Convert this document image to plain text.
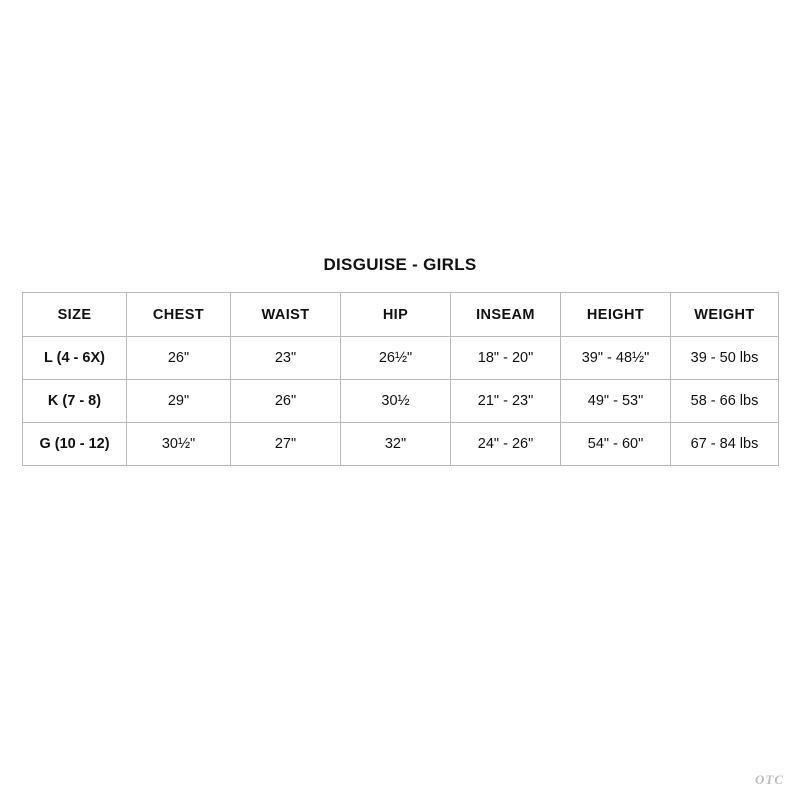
DISGUISE - GIRLS
SIZE	CHEST	WAIST	HIP	INSEAM	HEIGHT	WEIGHT
L (4 - 6X)	26"	23"	26½"	18" - 20"	39" - 48½"	39 - 50 lbs
K (7 - 8)	29"	26"	30½	21" - 23"	49" - 53"	58 - 66 lbs
G (10 - 12)	30½"	27"	32"	24" - 26"	54" - 60"	67 - 84 lbs
OTC
